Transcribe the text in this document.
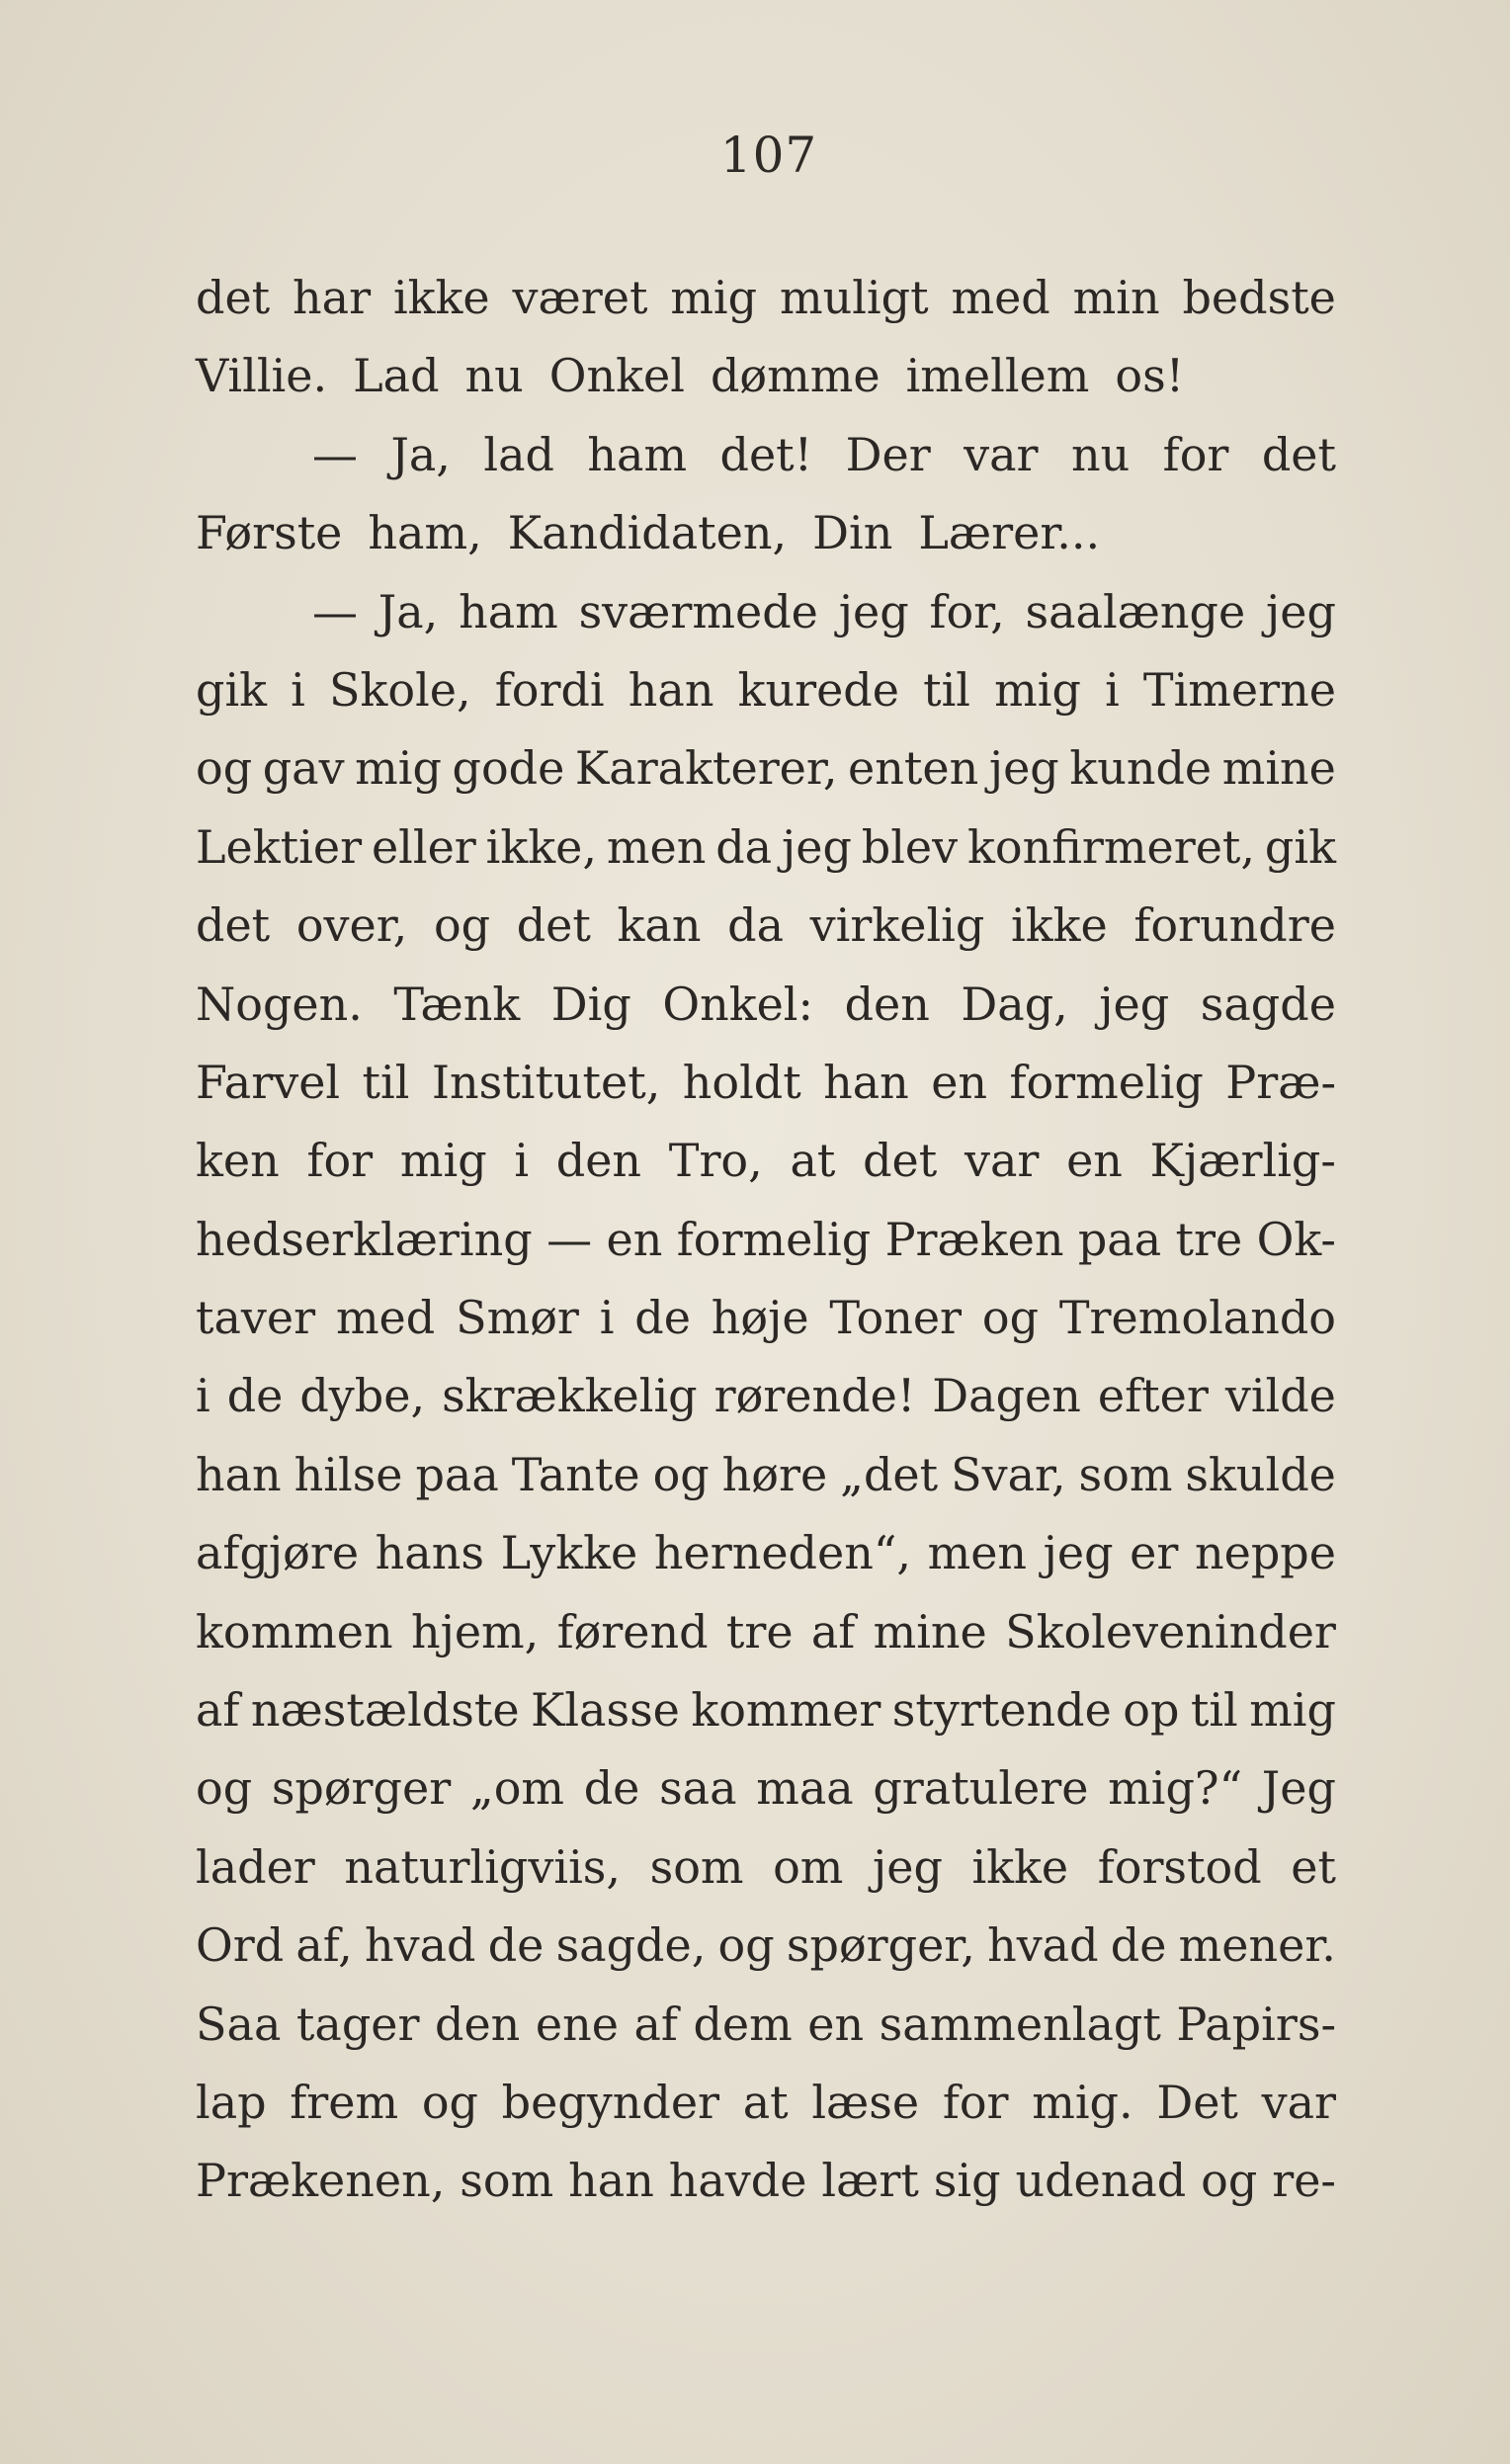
107
det har ikke været mig muligt med min bedste
Villie. Lad nu Onkel dømme imellem os!
— Ja, lad ham det! Der var nu for det
Første ham, Kandidaten, Din Lærer...
— Ja, ham sværmede jeg for, saalænge jeg
gik i Skole, fordi han kurede til mig i Timerne
og gav mig gode Karakterer, enten jeg kunde mine
Lektier eller ikke, men da jeg blev konfirmeret, gik
det over, og det kan da virkelig ikke forundre
Nogen. Tænk Dig Onkel: den Dag, jeg sagde
Farvel til Institutet, holdt han en formelig Præ-
ken for mig i den Tro, at det var en Kjærlig-
hedserklæring — en formelig Præken paa tre Ok-
taver med Smør i de høje Toner og Tremolando
i de dybe, skrækkelig rørende! Dagen efter vilde
han hilse paa Tante og høre „det Svar, som skulde
afgjøre hans Lykke herneden“, men jeg er neppe
kommen hjem, førend tre af mine Skoleveninder
af næstældste Klasse kommer styrtende op til mig
og spørger „om de saa maa gratulere mig?“ Jeg
lader naturligviis, som om jeg ikke forstod et
Ord af, hvad de sagde, og spørger, hvad de mener.
Saa tager den ene af dem en sammenlagt Papirs-
lap frem og begynder at læse for mig. Det var
Prækenen, som han havde lært sig udenad og re-
